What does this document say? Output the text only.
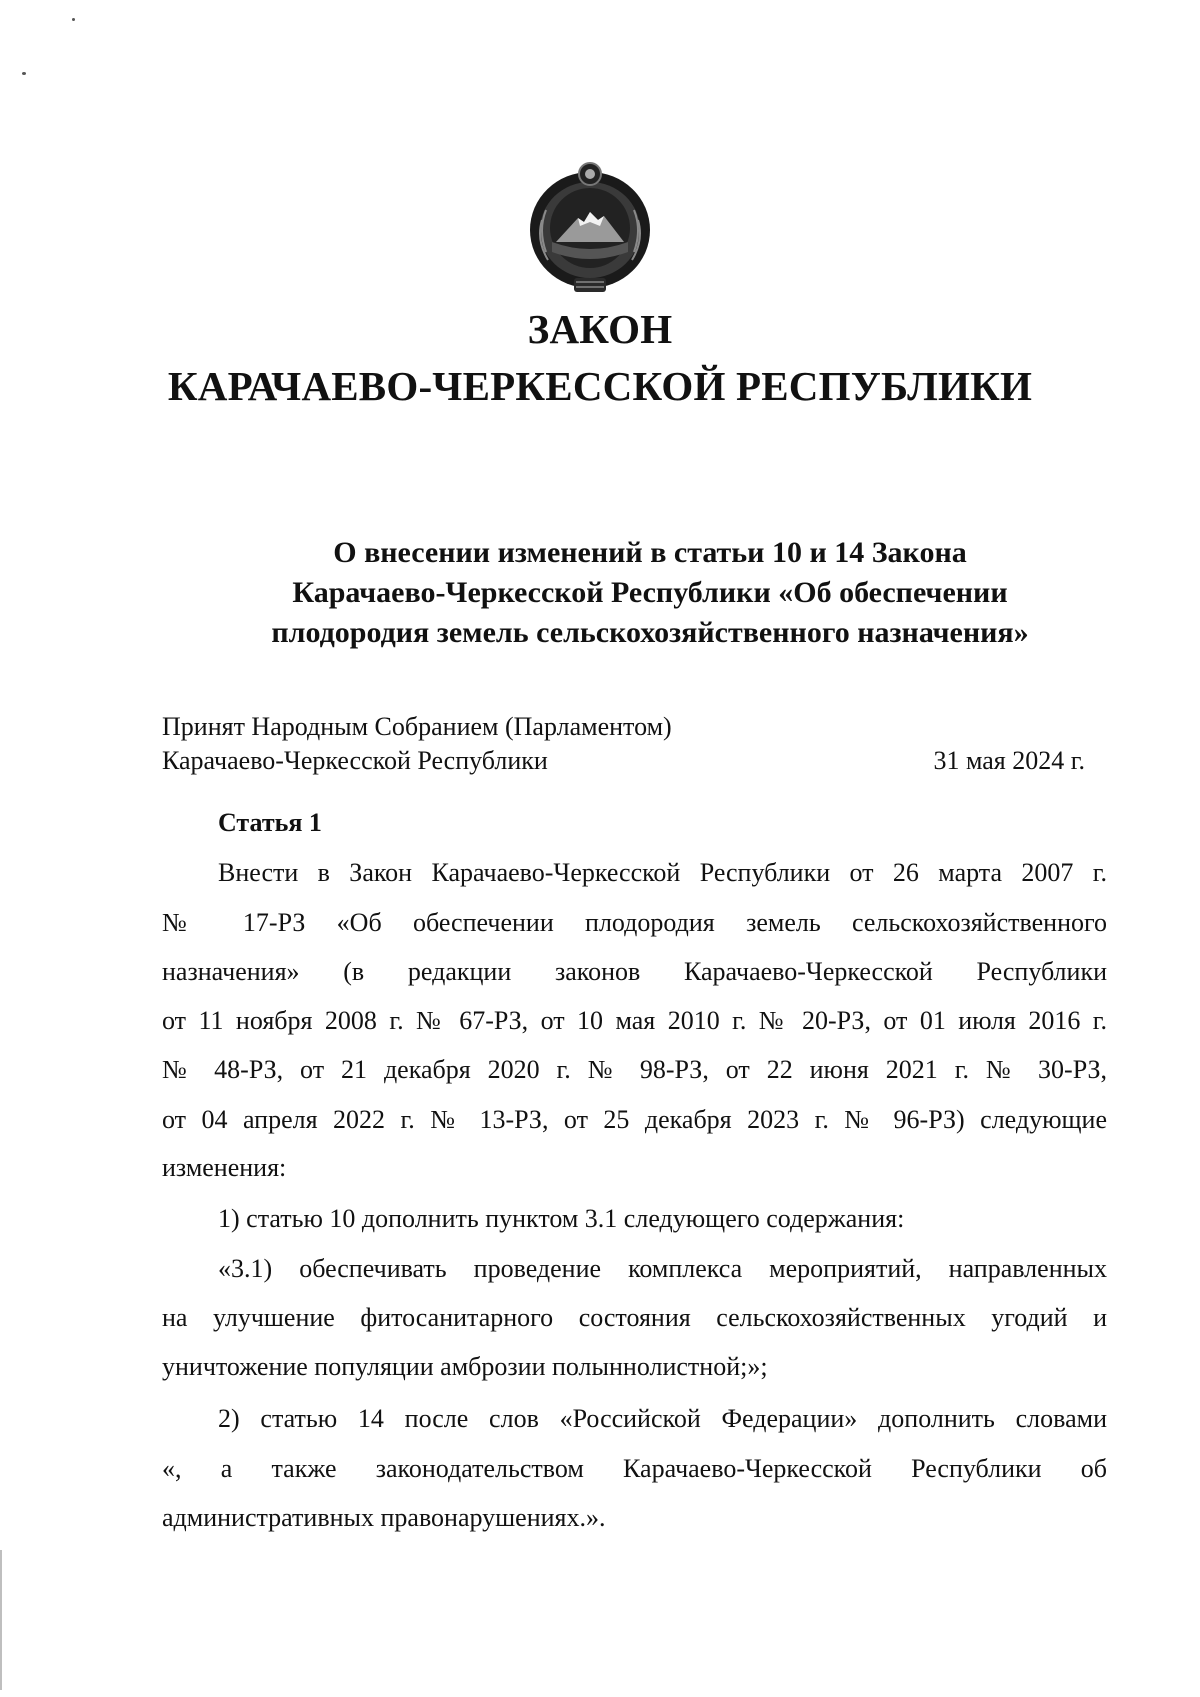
ЗАКОН
КАРАЧАЕВО-ЧЕРКЕССКОЙ РЕСПУБЛИКИ
О внесении изменений в статьи 10 и 14 Закона
Карачаево-Черкесской Республики «Об обеспечении
плодородия земель сельскохозяйственного назначения»
Принят Народным Собранием (Парламентом)
Карачаево-Черкесской Республики	31 мая 2024 г.
Статья 1
Внести в Закон Карачаево-Черкесской Республики от 26 марта 2007 г.
№ 17-РЗ «Об обеспечении плодородия земель сельскохозяйственного
назначения» (в редакции законов Карачаево-Черкесской Республики
от 11 ноября 2008 г. № 67-РЗ, от 10 мая 2010 г. № 20-РЗ, от 01 июля 2016 г.
№ 48-РЗ, от 21 декабря 2020 г. № 98-РЗ, от 22 июня 2021 г. № 30-РЗ,
от 04 апреля 2022 г. № 13-РЗ, от 25 декабря 2023 г. № 96-РЗ) следующие
изменения:
1) статью 10 дополнить пунктом 3.1 следующего содержания:
«3.1) обеспечивать проведение комплекса мероприятий, направленных
на улучшение фитосанитарного состояния сельскохозяйственных угодий и
уничтожение популяции амброзии полыннолистной;»;
2) статью 14 после слов «Российской Федерации» дополнить словами
«, а также законодательством Карачаево-Черкесской Республики об
административных правонарушениях.».
